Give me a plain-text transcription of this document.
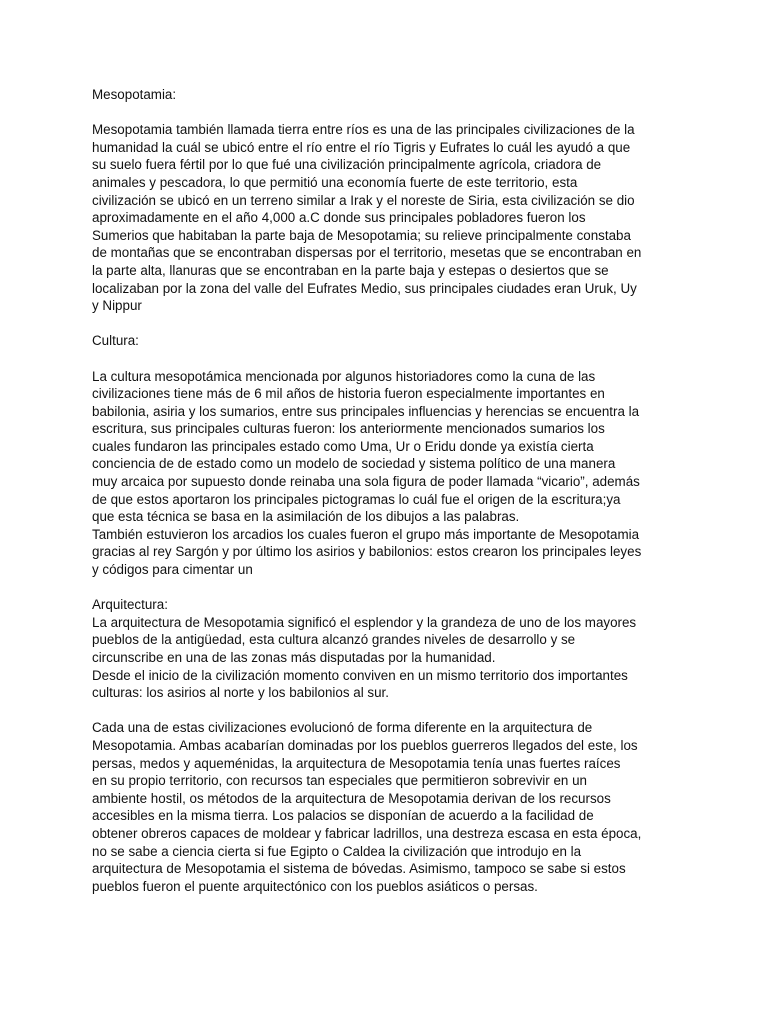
Mesopotamia:
Mesopotamia también llamada tierra entre ríos es una de las principales civilizaciones de la
humanidad la cuál se ubicó entre el río entre el río Tigris y Eufrates lo cuál les ayudó a que
su suelo fuera fértil por lo que fué una civilización principalmente agrícola, criadora de
animales y pescadora, lo que permitió una economía fuerte de este territorio, esta
civilización se ubicó en un terreno similar a Irak y el noreste de Siria, esta civilización se dio
aproximadamente en el año 4,000 a.C donde sus principales pobladores fueron los
Sumerios que habitaban la parte baja de Mesopotamia; su relieve principalmente constaba
de montañas que se encontraban dispersas por el territorio, mesetas que se encontraban en
la parte alta, llanuras que se encontraban en la parte baja y estepas o desiertos que se
localizaban por la zona del valle del Eufrates Medio, sus principales ciudades eran Uruk, Uy
y Nippur
Cultura:
La cultura mesopotámica mencionada por algunos historiadores como la cuna de las
civilizaciones tiene más de 6 mil años de historia fueron especialmente importantes en
babilonia, asiria y los sumarios, entre sus principales influencias y herencias se encuentra la
escritura, sus principales culturas fueron: los anteriormente mencionados sumarios los
cuales fundaron las principales estado como Uma, Ur o Eridu donde ya existía cierta
conciencia de de estado como un modelo de sociedad y sistema político de una manera
muy arcaica por supuesto donde reinaba una sola figura de poder llamada “vicario”, además
de que estos aportaron los principales pictogramas lo cuál fue el origen de la escritura;ya
que esta técnica se basa en la asimilación de los dibujos a las palabras.
También estuvieron los arcadios los cuales fueron el grupo más importante de Mesopotamia
gracias al rey Sargón y por último los asirios y babilonios: estos crearon los principales leyes
y códigos para cimentar un
Arquitectura:
La arquitectura de Mesopotamia significó el esplendor y la grandeza de uno de los mayores
pueblos de la antigüedad, esta cultura alcanzó grandes niveles de desarrollo y se
circunscribe en una de las zonas más disputadas por la humanidad.
Desde el inicio de la civilización momento conviven en un mismo territorio dos importantes
culturas: los asirios al norte y los babilonios al sur.
Cada una de estas civilizaciones evolucionó de forma diferente en la arquitectura de
Mesopotamia. Ambas acabarían dominadas por los pueblos guerreros llegados del este, los
persas, medos y aqueménidas, la arquitectura de Mesopotamia tenía unas fuertes raíces
en su propio territorio, con recursos tan especiales que permitieron sobrevivir en un
ambiente hostil, os métodos de la arquitectura de Mesopotamia derivan de los recursos
accesibles en la misma tierra. Los palacios se disponían de acuerdo a la facilidad de
obtener obreros capaces de moldear y fabricar ladrillos, una destreza escasa en esta época,
no se sabe a ciencia cierta si fue Egipto o Caldea la civilización que introdujo en la
arquitectura de Mesopotamia el sistema de bóvedas. Asimismo, tampoco se sabe si estos
pueblos fueron el puente arquitectónico con los pueblos asiáticos o persas.
